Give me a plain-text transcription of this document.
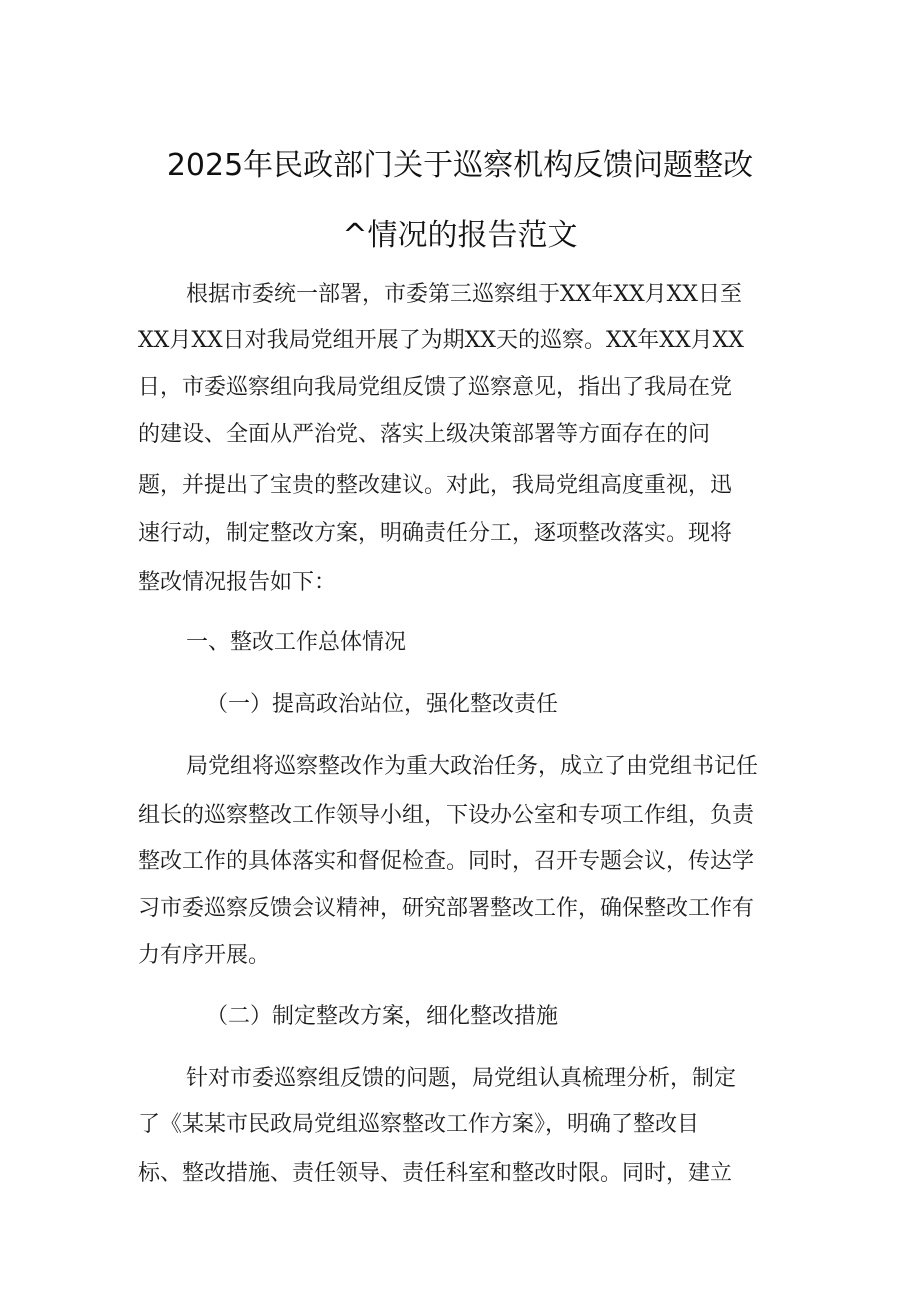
2025年民政部门关于巡察机构反馈问题整改
^情况的报告范文
根据市委统一部署，市委第三巡察组于XX年XX月XX日至
XX月XX日对我局党组开展了为期XX天的巡察。XX年XX月XX
日，市委巡察组向我局党组反馈了巡察意见，指出了我局在党
的建设、全面从严治党、落实上级决策部署等方面存在的问
题，并提出了宝贵的整改建议。对此，我局党组高度重视，迅
速行动，制定整改方案，明确责任分工，逐项整改落实。现将
整改情况报告如下：
一、整改工作总体情况
（一）提高政治站位，强化整改责任
局党组将巡察整改作为重大政治任务，成立了由党组书记任
组长的巡察整改工作领导小组，下设办公室和专项工作组，负责
整改工作的具体落实和督促检查。同时，召开专题会议，传达学
习市委巡察反馈会议精神，研究部署整改工作，确保整改工作有
力有序开展。
（二）制定整改方案，细化整改措施
针对市委巡察组反馈的问题，局党组认真梳理分析，制定
了《某某市民政局党组巡察整改工作方案》，明确了整改目
标、整改措施、责任领导、责任科室和整改时限。同时，建立
